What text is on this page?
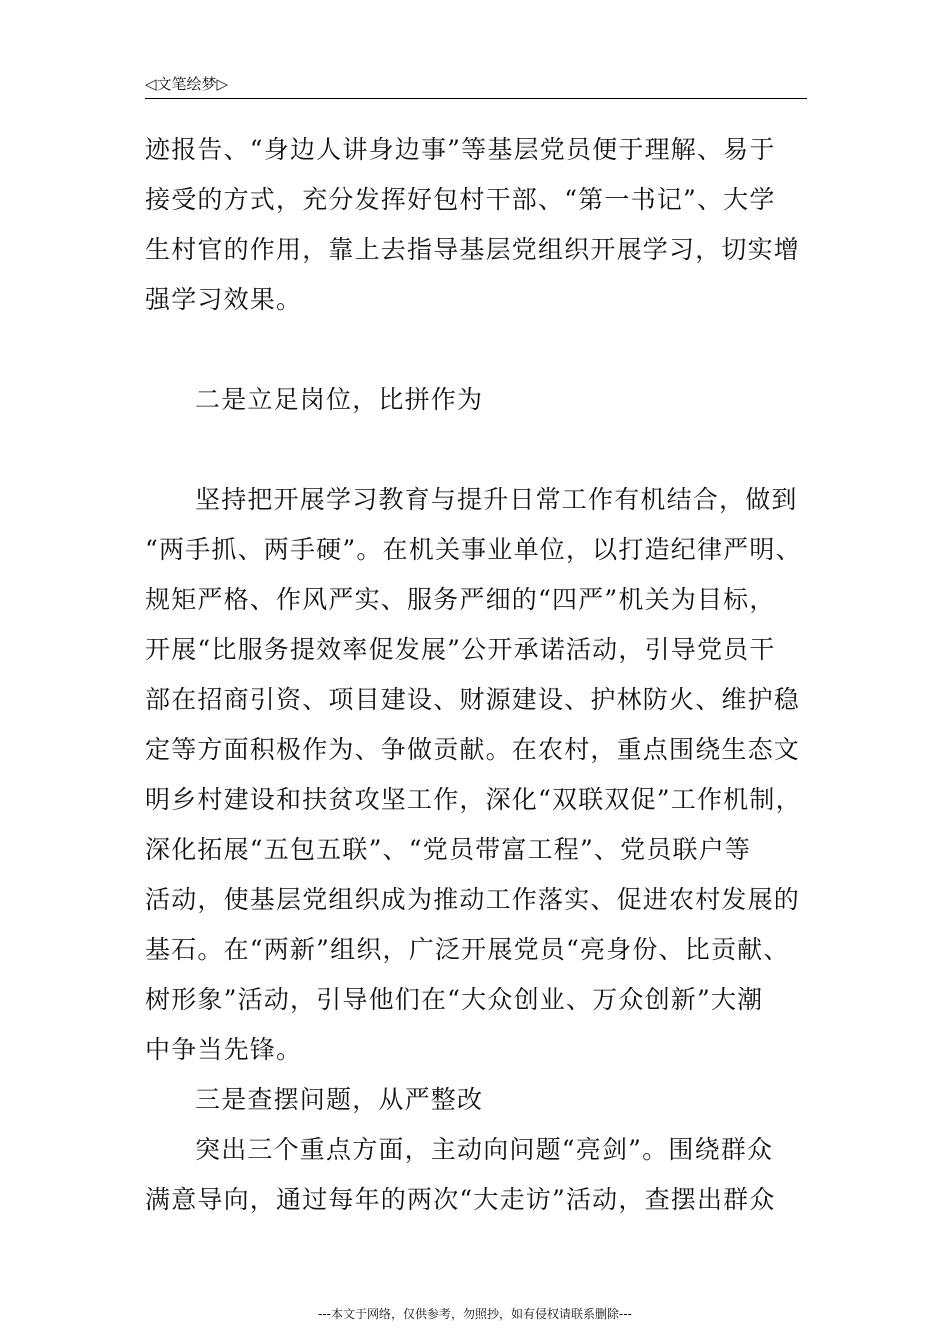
◁文笔绘梦▷
迹报告、“身边人讲身边事”等基层党员便于理解、易于
接受的方式，充分发挥好包村干部、“第一书记”、大学
生村官的作用，靠上去指导基层党组织开展学习，切实增
强学习效果。
二是立足岗位，比拼作为
坚持把开展学习教育与提升日常工作有机结合，做到
“两手抓、两手硬”。在机关事业单位，以打造纪律严明、
规矩严格、作风严实、服务严细的“四严”机关为目标，
开展“比服务提效率促发展”公开承诺活动，引导党员干
部在招商引资、项目建设、财源建设、护林防火、维护稳
定等方面积极作为、争做贡献。在农村，重点围绕生态文
明乡村建设和扶贫攻坚工作，深化“双联双促”工作机制，
深化拓展“五包五联”、“党员带富工程”、党员联户等
活动，使基层党组织成为推动工作落实、促进农村发展的
基石。在“两新”组织，广泛开展党员“亮身份、比贡献、
树形象”活动，引导他们在“大众创业、万众创新”大潮
中争当先锋。
三是查摆问题，从严整改
突出三个重点方面，主动向问题“亮剑”。围绕群众
满意导向，通过每年的两次“大走访”活动，查摆出群众
---本文于网络，仅供参考，勿照抄，如有侵权请联系删除---
